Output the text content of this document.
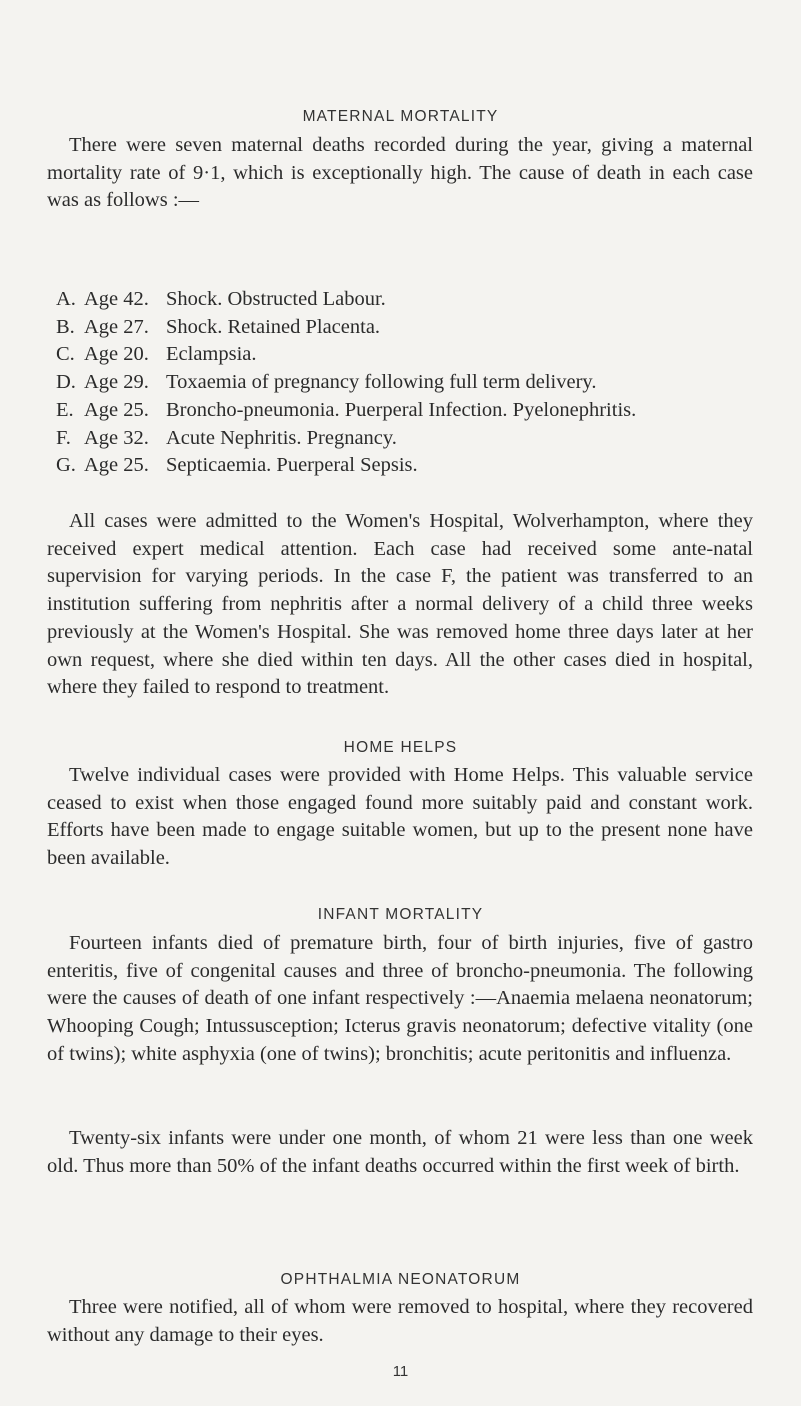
MATERNAL MORTALITY

There were seven maternal deaths recorded during the year, giving a maternal mortality rate of 9·1, which is exceptionally high. The cause of death in each case was as follows :—

A. Age 42. Shock. Obstructed Labour.
B. Age 27. Shock. Retained Placenta.
C. Age 20. Eclampsia.
D. Age 29. Toxaemia of pregnancy following full term delivery.
E. Age 25. Broncho-pneumonia. Puerperal Infection. Pyelonephritis.
F. Age 32. Acute Nephritis. Pregnancy.
G. Age 25. Septicaemia. Puerperal Sepsis.

All cases were admitted to the Women's Hospital, Wolverhampton, where they received expert medical attention. Each case had received some ante-natal supervision for varying periods. In the case F, the patient was transferred to an institution suffering from nephritis after a normal delivery of a child three weeks previously at the Women's Hospital. She was removed home three days later at her own request, where she died within ten days. All the other cases died in hospital, where they failed to respond to treatment.

HOME HELPS

Twelve individual cases were provided with Home Helps. This valuable service ceased to exist when those engaged found more suitably paid and constant work. Efforts have been made to engage suitable women, but up to the present none have been available.

INFANT MORTALITY

Fourteen infants died of premature birth, four of birth injuries, five of gastro enteritis, five of congenital causes and three of broncho-pneumonia. The following were the causes of death of one infant respectively :—Anaemia melaena neonatorum; Whooping Cough; Intussusception; Icterus gravis neonatorum; defective vitality (one of twins); white asphyxia (one of twins); bronchitis; acute peritonitis and influenza.

Twenty-six infants were under one month, of whom 21 were less than one week old. Thus more than 50% of the infant deaths occurred within the first week of birth.

OPHTHALMIA NEONATORUM

Three were notified, all of whom were removed to hospital, where they recovered without any damage to their eyes.

11
